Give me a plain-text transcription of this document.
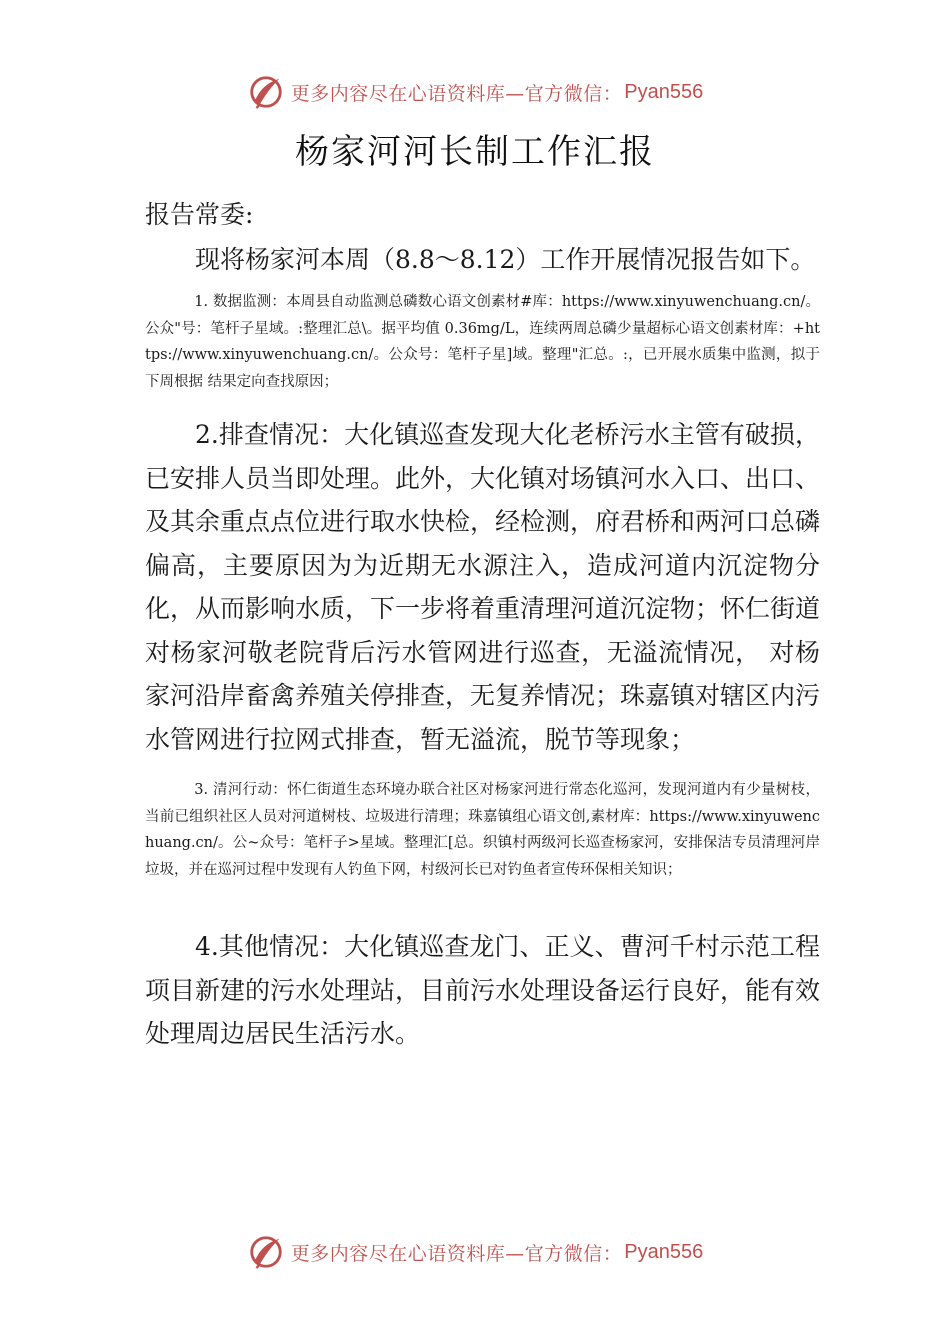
更多内容尽在心语资料库—官方微信： Pyan556
杨家河河长制工作汇报

报告常委:

现将杨家河本周（8.8～8.12）工作开展情况报告如下。

1. 数据监测：本周县自动监测总磷数心语文创素材#库：https://www.xinyuwenchuang.cn/。公众"号：笔杆子星域。:整理汇总\。据平均值 0.36mg/L，连续两周总磷少量超标心语文创素材库：+https://www.xinyuwenchuang.cn/。公众号：笔杆子星]域。整理"汇总。:，已开展水质集中监测，拟于下周根据 结果定向查找原因；

2.排查情况：大化镇巡查发现大化老桥污水主管有破损，已安排人员当即处理。此外，大化镇对场镇河水入口、出口、及其余重点点位进行取水快检，经检测，府君桥和两河口总磷偏高，主要原因为为近期无水源注入，造成河道内沉淀物分化，从而影响水质，下一步将着重清理河道沉淀物；怀仁街道对杨家河敬老院背后污水管网进行巡查，无溢流情况， 对杨家河沿岸畜禽养殖关停排查，无复养情况；珠嘉镇对辖区内污水管网进行拉网式排查，暂无溢流，脱节等现象；

3. 清河行动：怀仁街道生态环境办联合社区对杨家河进行常态化巡河，发现河道内有少量树枝，当前已组织社区人员对河道树枝、垃圾进行清理；珠嘉镇组心语文创,素材库：https://www.xinyuwenchuang.cn/。公~众号：笔杆子>星域。整理汇[总。织镇村两级河长巡查杨家河，安排保洁专员清理河岸垃圾，并在巡河过程中发现有人钓鱼下网，村级河长已对钓鱼者宣传环保相关知识；

4.其他情况：大化镇巡查龙门、正义、曹河千村示范工程项目新建的污水处理站，目前污水处理设备运行良好，能有效处理周边居民生活污水。

更多内容尽在心语资料库—官方微信： Pyan556
